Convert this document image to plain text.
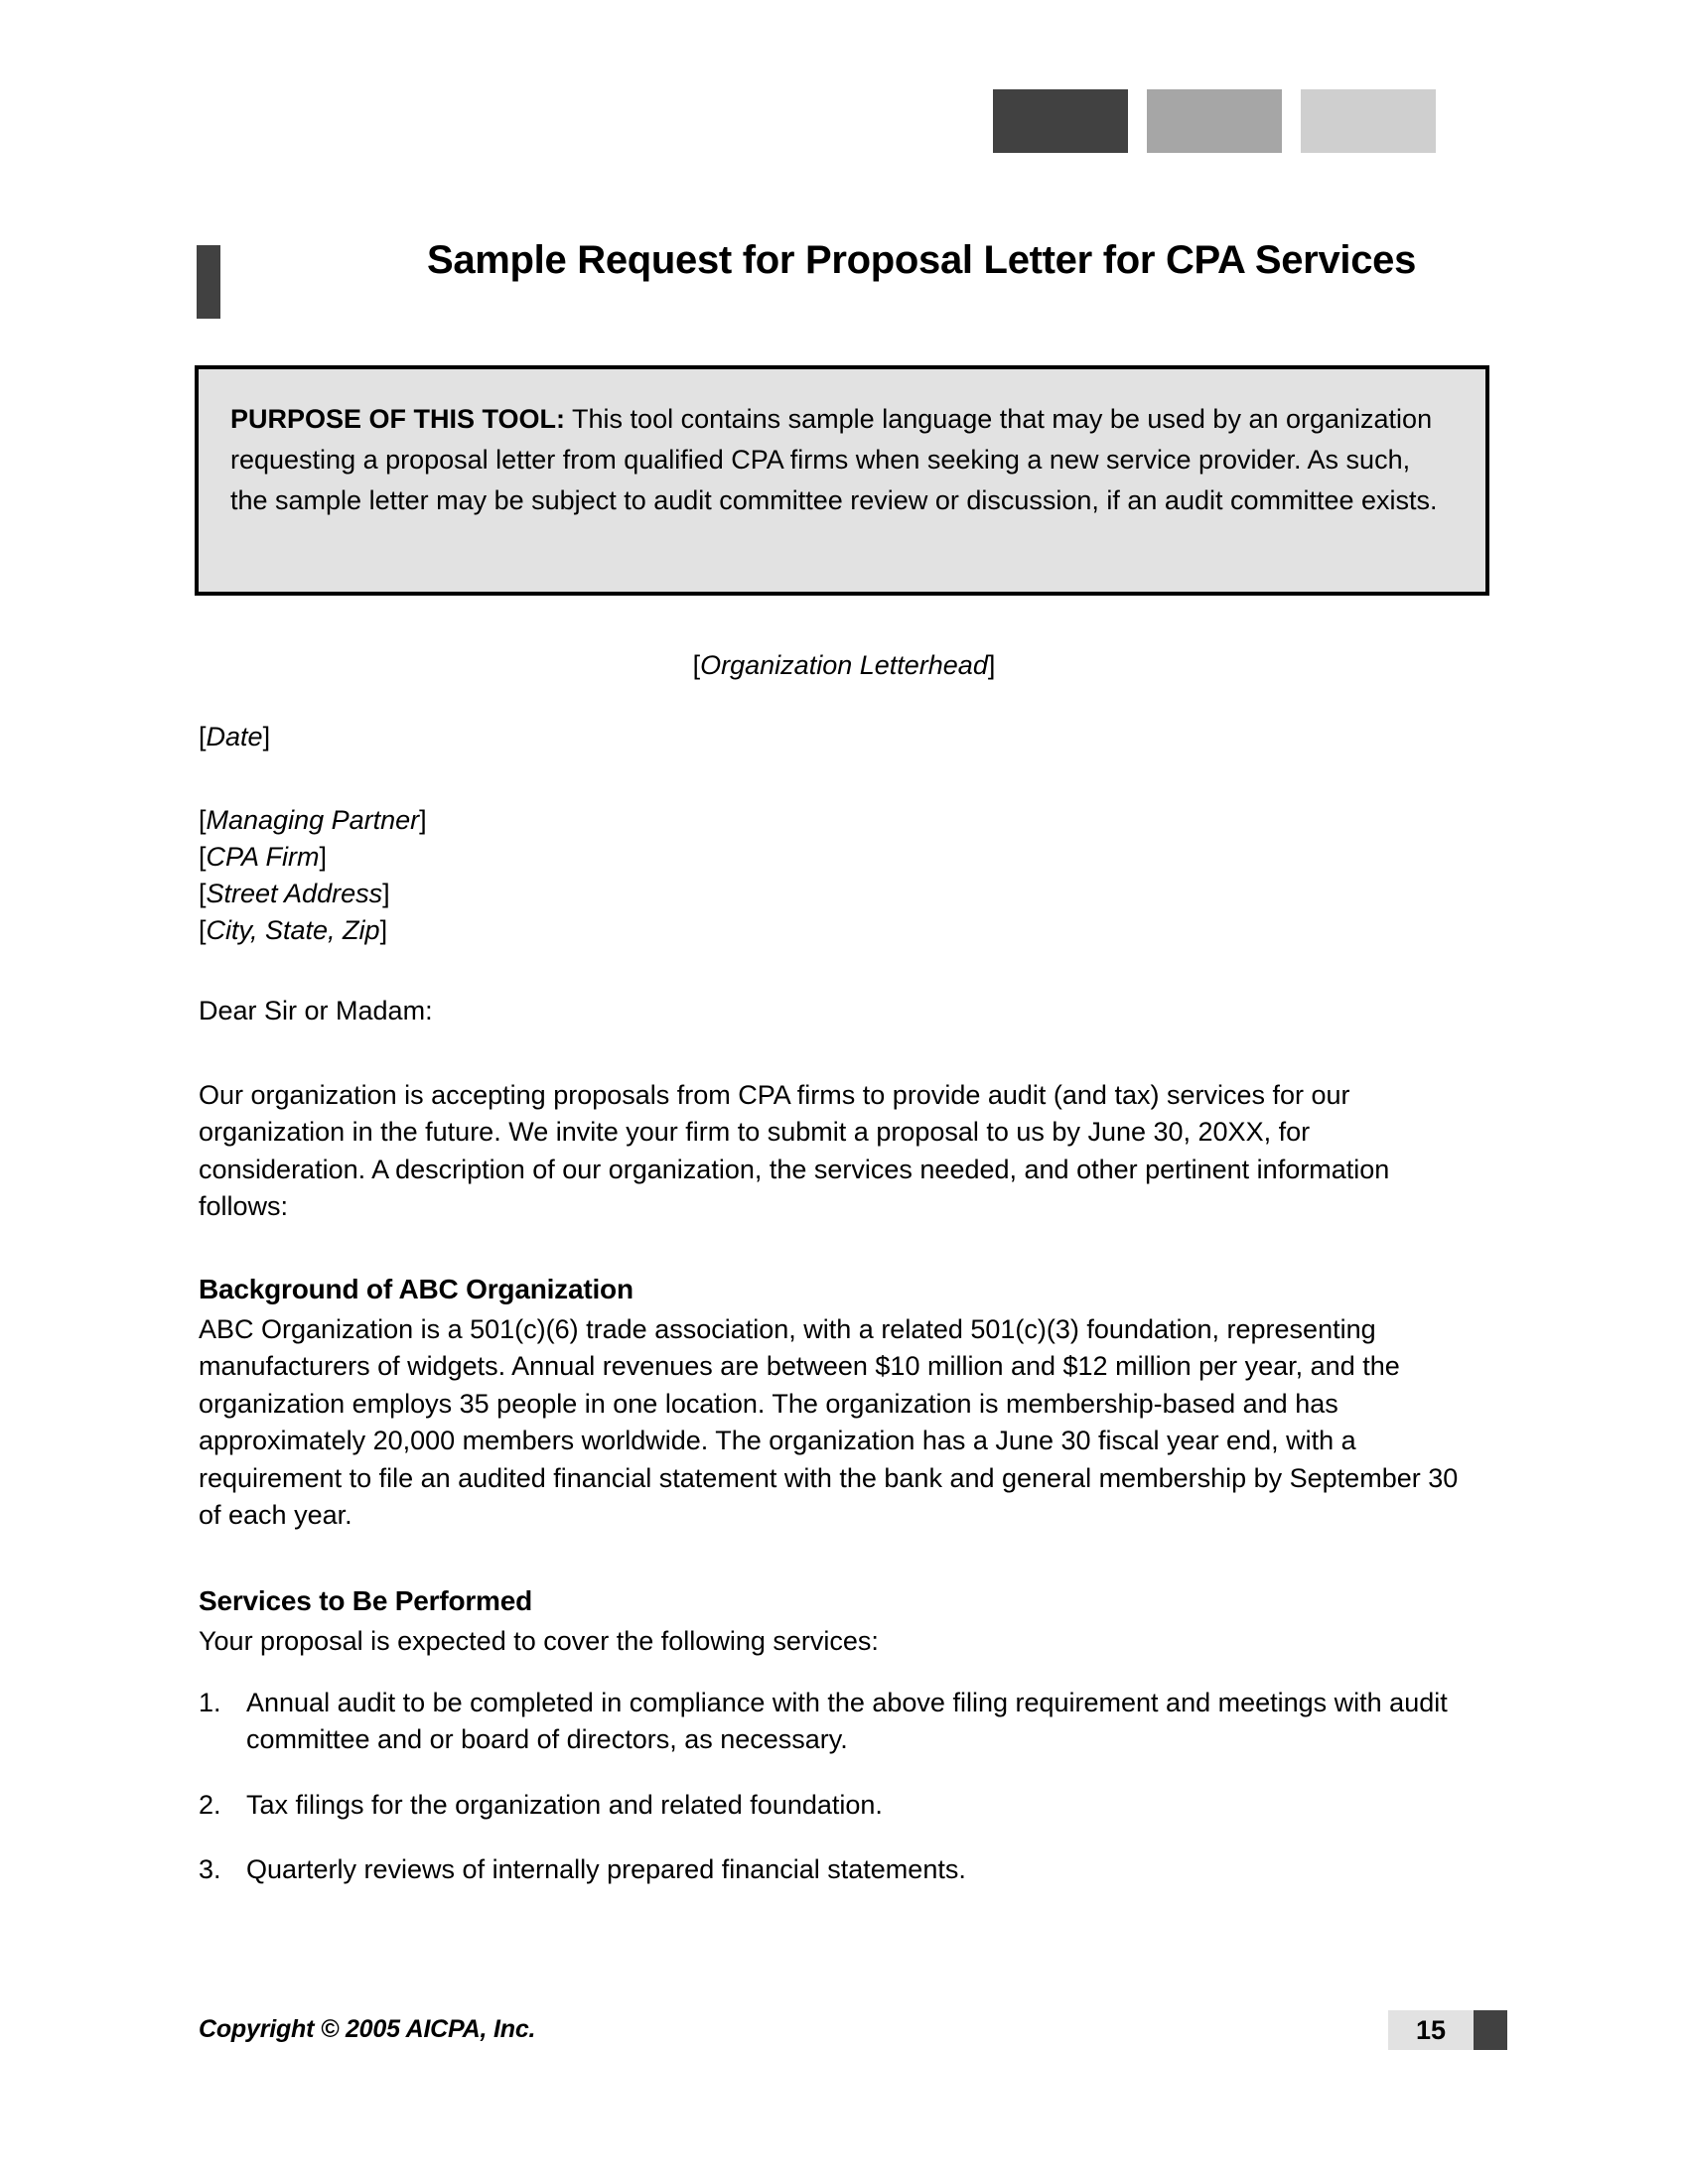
Sample Request for Proposal Letter for CPA Services
PURPOSE OF THIS TOOL: This tool contains sample language that may be used by an organization requesting a proposal letter from qualified CPA firms when seeking a new service provider. As such, the sample letter may be subject to audit committee review or discussion, if an audit committee exists.
[Organization Letterhead]
[Date]
[Managing Partner]
[CPA Firm]
[Street Address]
[City, State, Zip]
Dear Sir or Madam:
Our organization is accepting proposals from CPA firms to provide audit (and tax) services for our organization in the future. We invite your firm to submit a proposal to us by June 30, 20XX, for consideration. A description of our organization, the services needed, and other pertinent information follows:
Background of ABC Organization

ABC Organization is a 501(c)(6) trade association, with a related 501(c)(3) foundation, representing manufacturers of widgets. Annual revenues are between $10 million and $12 million per year, and the organization employs 35 people in one location. The organization is membership-based and has approximately 20,000 members worldwide. The organization has a June 30 fiscal year end, with a requirement to file an audited financial statement with the bank and general membership by September 30 of each year.

Services to Be Performed

Your proposal is expected to cover the following services:

1. Annual audit to be completed in compliance with the above filing requirement and meetings with audit committee and or board of directors, as necessary.
2. Tax filings for the organization and related foundation.
3. Quarterly reviews of internally prepared financial statements.
Copyright © 2005 AICPA, Inc.	15
